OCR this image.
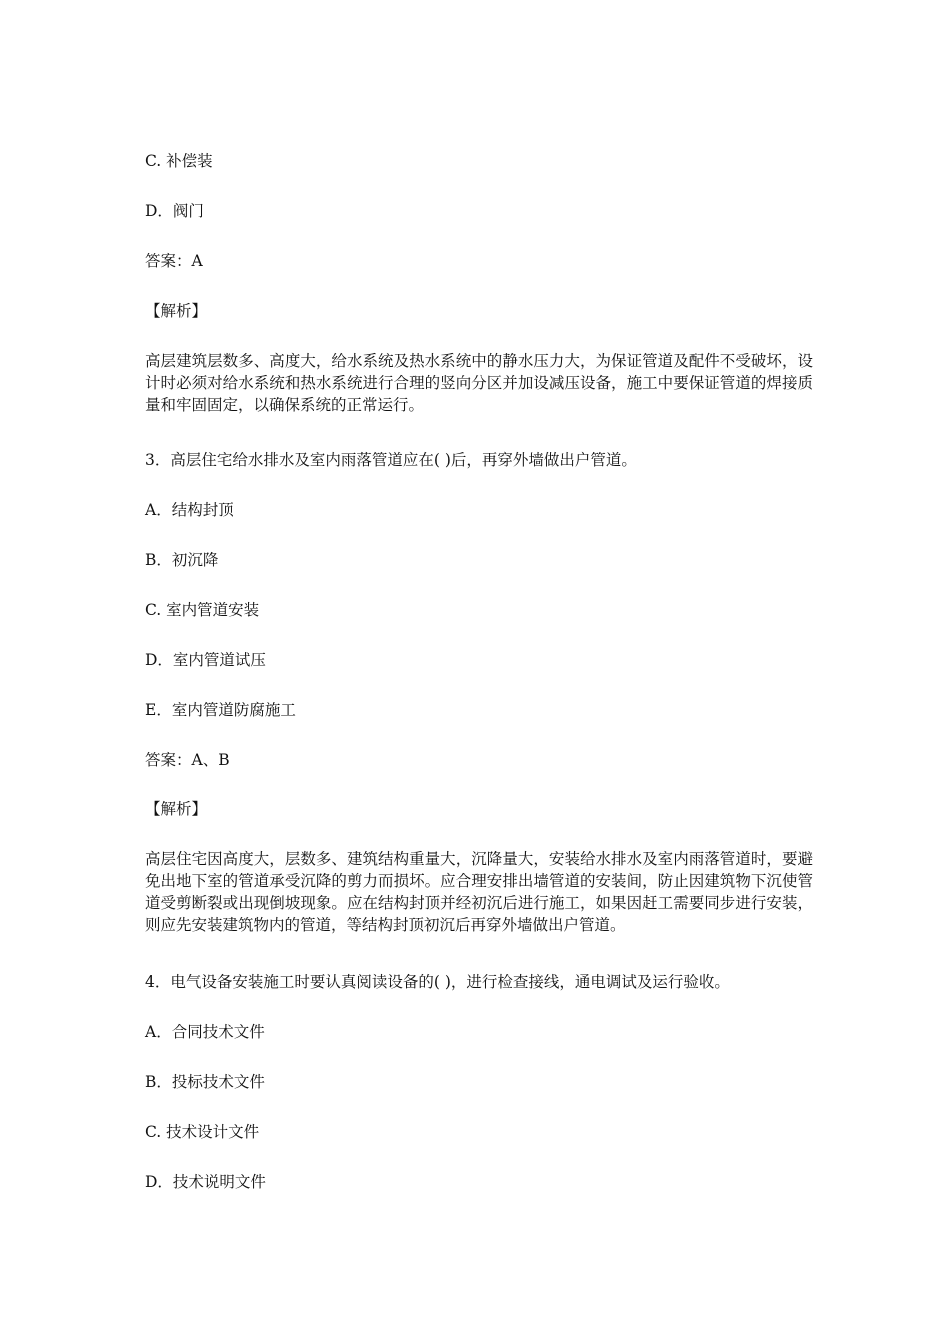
C. 补偿装
D．阀门
答案：A
【解析】
高层建筑层数多、高度大，给水系统及热水系统中的静水压力大，为保证管道及配件不受破坏，设计时必须对给水系统和热水系统进行合理的竖向分区并加设减压设备，施工中要保证管道的焊接质量和牢固固定，以确保系统的正常运行。
3．高层住宅给水排水及室内雨落管道应在( )后，再穿外墙做出户管道。
A．结构封顶
B．初沉降
C. 室内管道安装
D．室内管道试压
E．室内管道防腐施工
答案：A、B
【解析】
高层住宅因高度大，层数多、建筑结构重量大，沉降量大，安装给水排水及室内雨落管道时，要避免出地下室的管道承受沉降的剪力而损坏。应合理安排出墙管道的安装间，防止因建筑物下沉使管道受剪断裂或出现倒坡现象。应在结构封顶并经初沉后进行施工，如果因赶工需要同步进行安装，则应先安装建筑物内的管道，等结构封顶初沉后再穿外墙做出户管道。
4．电气设备安装施工时要认真阅读设备的( )，进行检查接线，通电调试及运行验收。
A．合同技术文件
B．投标技术文件
C. 技术设计文件
D．技术说明文件
